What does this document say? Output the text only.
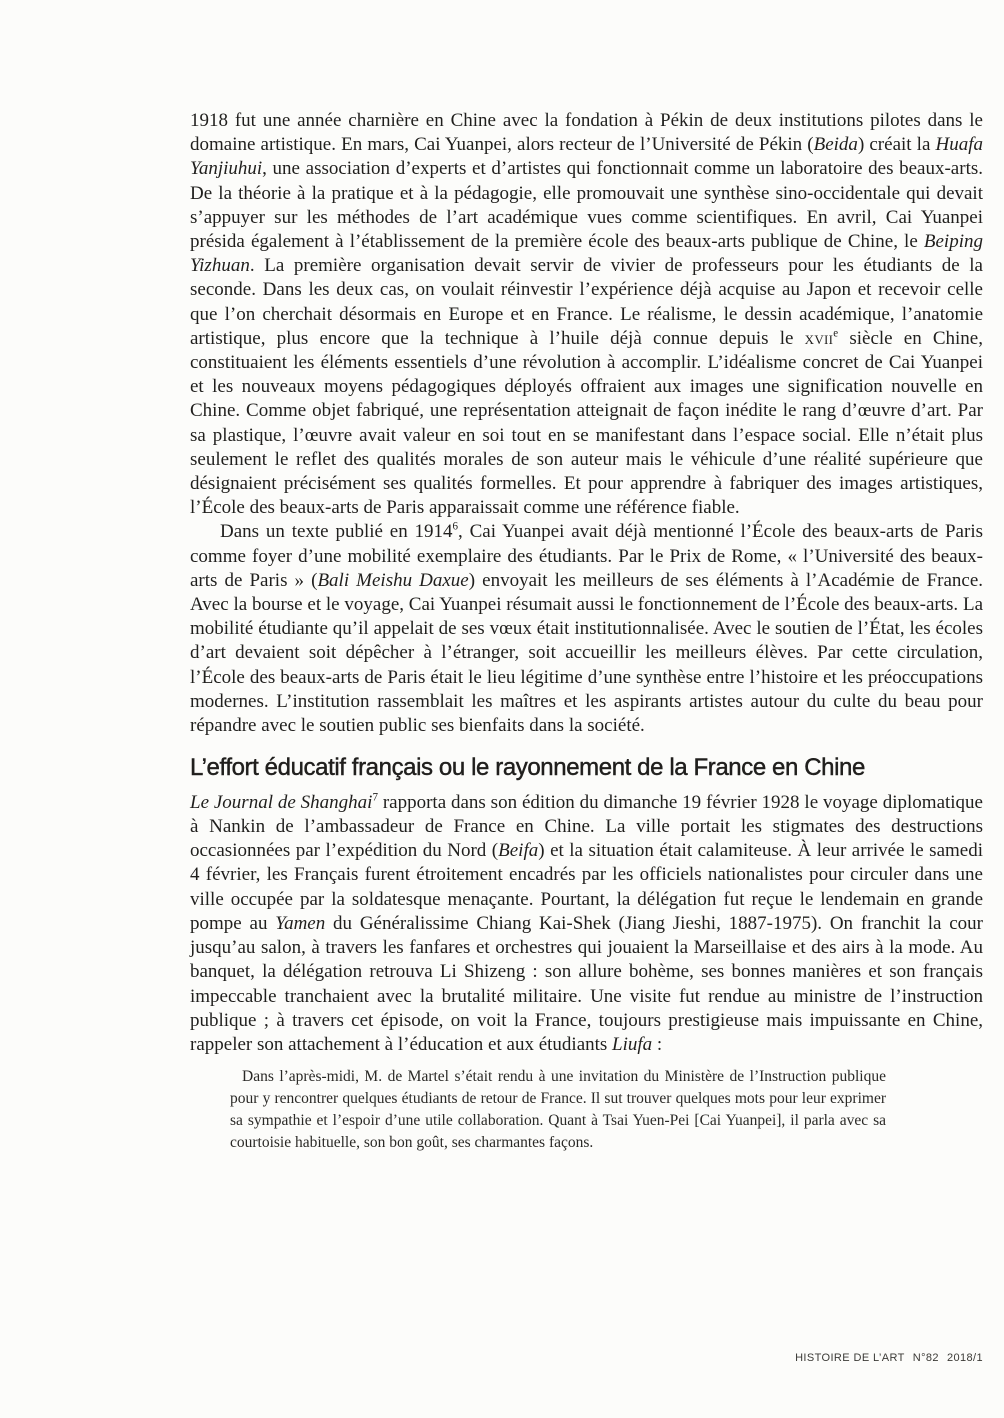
1918 fut une année charnière en Chine avec la fondation à Pékin de deux institutions pilotes dans le domaine artistique. En mars, Cai Yuanpei, alors recteur de l’Université de Pékin (Beida) créait la Huafa Yanjiuhui, une association d’experts et d’artistes qui fonctionnait comme un laboratoire des beaux-arts. De la théorie à la pratique et à la pédagogie, elle promouvait une synthèse sino-occidentale qui devait s’appuyer sur les méthodes de l’art académique vues comme scientifiques. En avril, Cai Yuanpei présida également à l’établissement de la première école des beaux-arts publique de Chine, le Beiping Yizhuan. La première organisation devait servir de vivier de professeurs pour les étudiants de la seconde. Dans les deux cas, on voulait réinvestir l’expérience déjà acquise au Japon et recevoir celle que l’on cherchait désormais en Europe et en France. Le réalisme, le dessin académique, l’anatomie artistique, plus encore que la technique à l’huile déjà connue depuis le xvii$^e$ siècle en Chine, constituaient les éléments essentiels d’une révolution à accomplir. L’idéalisme concret de Cai Yuanpei et les nouveaux moyens pédagogiques déployés offraient aux images une signification nouvelle en Chine. Comme objet fabriqué, une représentation atteignait de façon inédite le rang d’œuvre d’art. Par sa plastique, l’œuvre avait valeur en soi tout en se manifestant dans l’espace social. Elle n’était plus seulement le reflet des qualités morales de son auteur mais le véhicule d’une réalité supérieure que désignaient précisément ses qualités formelles. Et pour apprendre à fabriquer des images artistiques, l’École des beaux-arts de Paris apparaissait comme une référence fiable.

Dans un texte publié en 1914$^6$, Cai Yuanpei avait déjà mentionné l’École des beaux-arts de Paris comme foyer d’une mobilité exemplaire des étudiants. Par le Prix de Rome, « l’Université des beaux-arts de Paris » (Bali Meishu Daxue) envoyait les meilleurs de ses éléments à l’Académie de France. Avec la bourse et le voyage, Cai Yuanpei résumait aussi le fonctionnement de l’École des beaux-arts. La mobilité étudiante qu’il appelait de ses vœux était institutionnalisée. Avec le soutien de l’État, les écoles d’art devaient soit dépêcher à l’étranger, soit accueillir les meilleurs élèves. Par cette circulation, l’École des beaux-arts de Paris était le lieu légitime d’une synthèse entre l’histoire et les préoccupations modernes. L’institution rassemblait les maîtres et les aspirants artistes autour du culte du beau pour répandre avec le soutien public ses bienfaits dans la société.

L’effort éducatif français ou le rayonnement de la France en Chine

Le Journal de Shanghai$^7$ rapporta dans son édition du dimanche 19 février 1928 le voyage diplomatique à Nankin de l’ambassadeur de France en Chine. La ville portait les stigmates des destructions occasionnées par l’expédition du Nord (Beifa) et la situation était calamiteuse. À leur arrivée le samedi 4 février, les Français furent étroitement encadrés par les officiels nationalistes pour circuler dans une ville occupée par la soldatesque menaçante. Pourtant, la délégation fut reçue le lendemain en grande pompe au Yamen du Généralissime Chiang Kai-Shek (Jiang Jieshi, 1887-1975). On franchit la cour jusqu’au salon, à travers les fanfares et orchestres qui jouaient la Marseillaise et des airs à la mode. Au banquet, la délégation retrouva Li Shizeng : son allure bohème, ses bonnes manières et son français impeccable tranchaient avec la brutalité militaire. Une visite fut rendue au ministre de l’instruction publique ; à travers cet épisode, on voit la France, toujours prestigieuse mais impuissante en Chine, rappeler son attachement à l’éducation et aux étudiants Liufa :

Dans l’après-midi, M. de Martel s’était rendu à une invitation du Ministère de l’Instruction publique pour y rencontrer quelques étudiants de retour de France. Il sut trouver quelques mots pour leur exprimer sa sympathie et l’espoir d’une utile collaboration. Quant à Tsai Yuen-Pei [Cai Yuanpei], il parla avec sa courtoisie habituelle, son bon goût, ses charmantes façons.
HISTOIRE DE L’ART N°82 2018/1
